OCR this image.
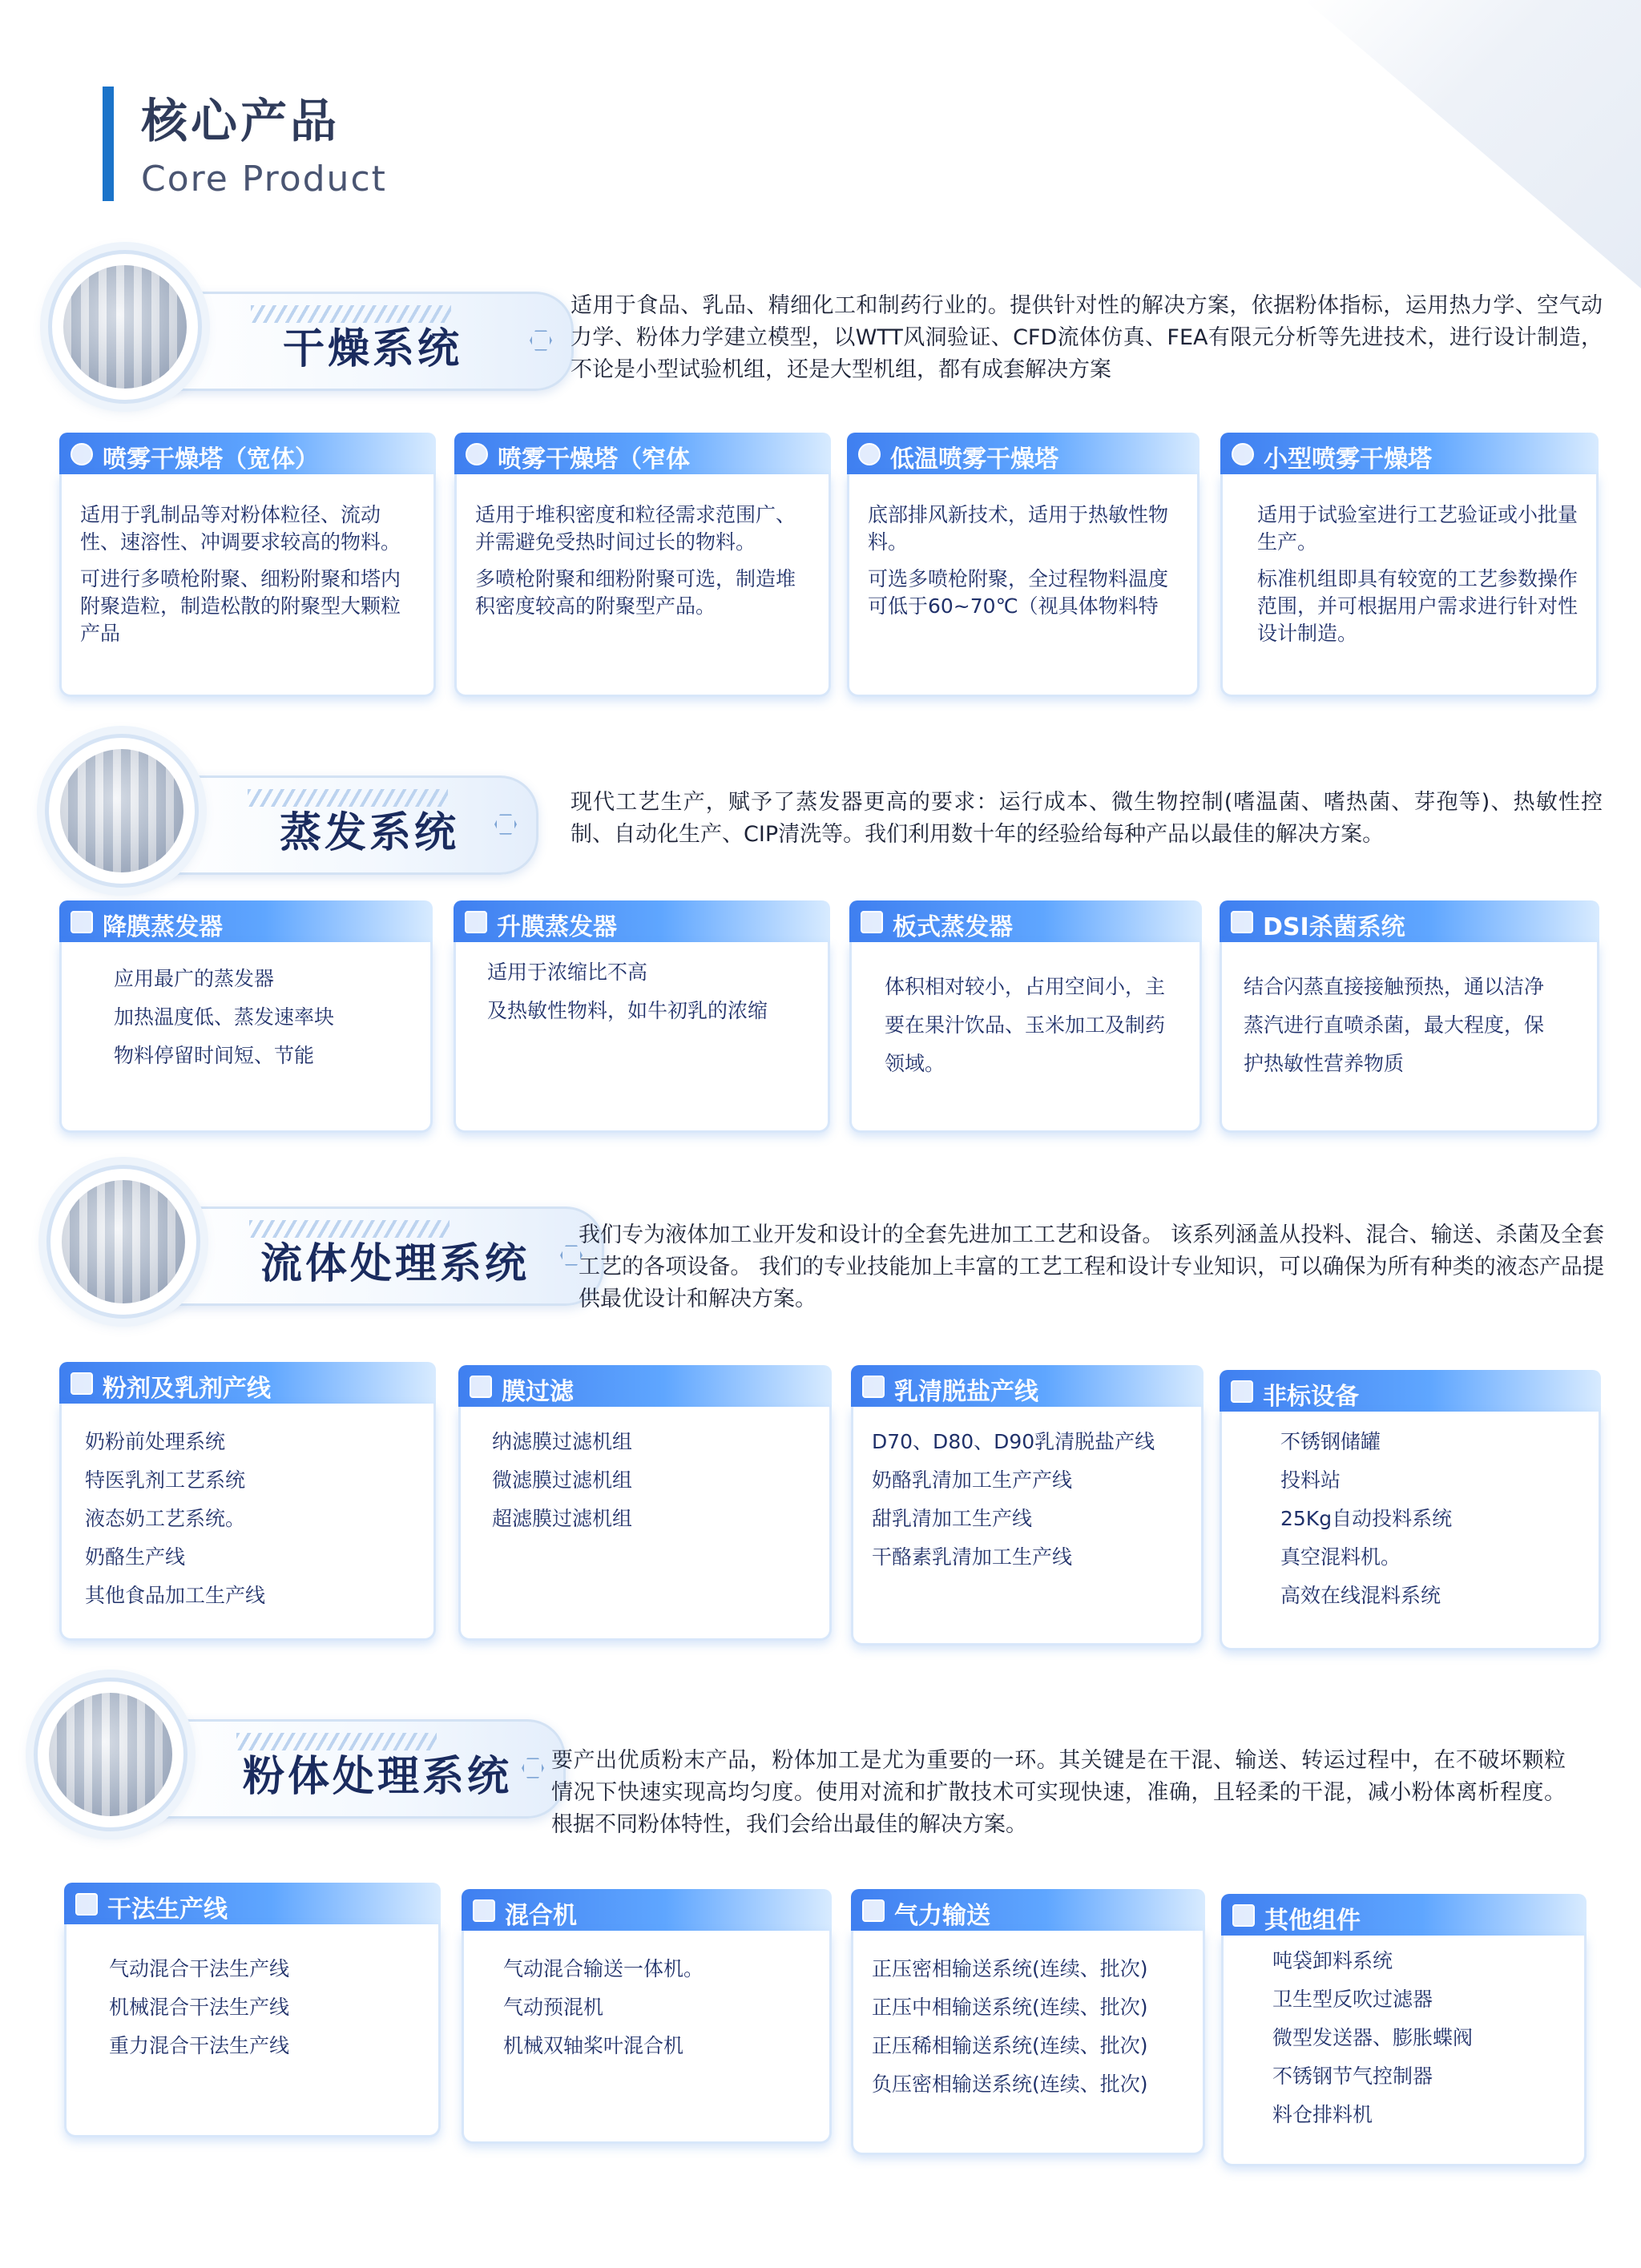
核心产品
Core Product
干燥系统
适用于食品、乳品、精细化工和制药行业的。提供针对性的解决方案，依据粉体指标，运用热力学、空气动力学、粉体力学建立模型，以WTT风洞验证、CFD流体仿真、FEA有限元分析等先进技术，进行设计制造，不论是小型试验机组，还是大型机组，都有成套解决方案
喷雾干燥塔（宽体）

适用于乳制品等对粉体粒径、流动性、速溶性、冲调要求较高的物料。

可进行多喷枪附聚、细粉附聚和塔内附聚造粒，制造松散的附聚型大颗粒产品

喷雾干燥塔（窄体

适用于堆积密度和粒径需求范围广、并需避免受热时间过长的物料。

多喷枪附聚和细粉附聚可选，制造堆积密度较高的附聚型产品。

低温喷雾干燥塔

底部排风新技术，适用于热敏性物料。

可选多喷枪附聚，全过程物料温度可低于60~70℃（视具体物料特

小型喷雾干燥塔

适用于试验室进行工艺验证或小批量生产。

标准机组即具有较宽的工艺参数操作范围，并可根据用户需求进行针对性设计制造。

蒸发系统
现代工艺生产，赋予了蒸发器更高的要求：运行成本、微生物控制(嗜温菌、嗜热菌、芽孢等)、热敏性控制、自动化生产、CIP清洗等。我们利用数十年的经验给每种产品以最佳的解决方案。
降膜蒸发器
应用最广的蒸发器
加热温度低、蒸发速率块
物料停留时间短、节能
升膜蒸发器
适用于浓缩比不高
及热敏性物料，如牛初乳的浓缩
板式蒸发器
体积相对较小，占用空间小，主
要在果汁饮品、玉米加工及制药
领域。
DSI杀菌系统
结合闪蒸直接接触预热，通以洁净
蒸汽进行直喷杀菌，最大程度，保
护热敏性营养物质
流体处理系统
我们专为液体加工业开发和设计的全套先进加工工艺和设备。 该系列涵盖从投料、混合、输送、杀菌及全套工艺的各项设备。 我们的专业技能加上丰富的工艺工程和设计专业知识，可以确保为所有种类的液态产品提供最优设计和解决方案。
粉剂及乳剂产线
奶粉前处理系统
特医乳剂工艺系统
液态奶工艺系统。
奶酪生产线
其他食品加工生产线
膜过滤
纳滤膜过滤机组
微滤膜过滤机组
超滤膜过滤机组
乳清脱盐产线
D70、D80、D90乳清脱盐产线
奶酪乳清加工生产产线
甜乳清加工生产线
干酪素乳清加工生产线
非标设备
不锈钢储罐
投料站
25Kg自动投料系统
真空混料机。
高效在线混料系统
粉体处理系统 要产出优质粉末产品，粉体加工是尤为重要的一环。其关键是在干混、输送、转运过程中，在不破坏颗粒情况下快速实现高均匀度。使用对流和扩散技术可实现快速，准确，且轻柔的干混，减小粉体离析程度。根据不同粉体特性，我们会给出最佳的解决方案。
干法生产线
气动混合干法生产线
机械混合干法生产线
重力混合干法生产线
混合机
气动混合输送一体机。
气动预混机
机械双轴桨叶混合机
气力输送
正压密相输送系统(连续、批次)
正压中相输送系统(连续、批次)
正压稀相输送系统(连续、批次)
负压密相输送系统(连续、批次)
其他组件
吨袋卸料系统
卫生型反吹过滤器
微型发送器、膨胀蝶阀
不锈钢节气控制器
料仓排料机
